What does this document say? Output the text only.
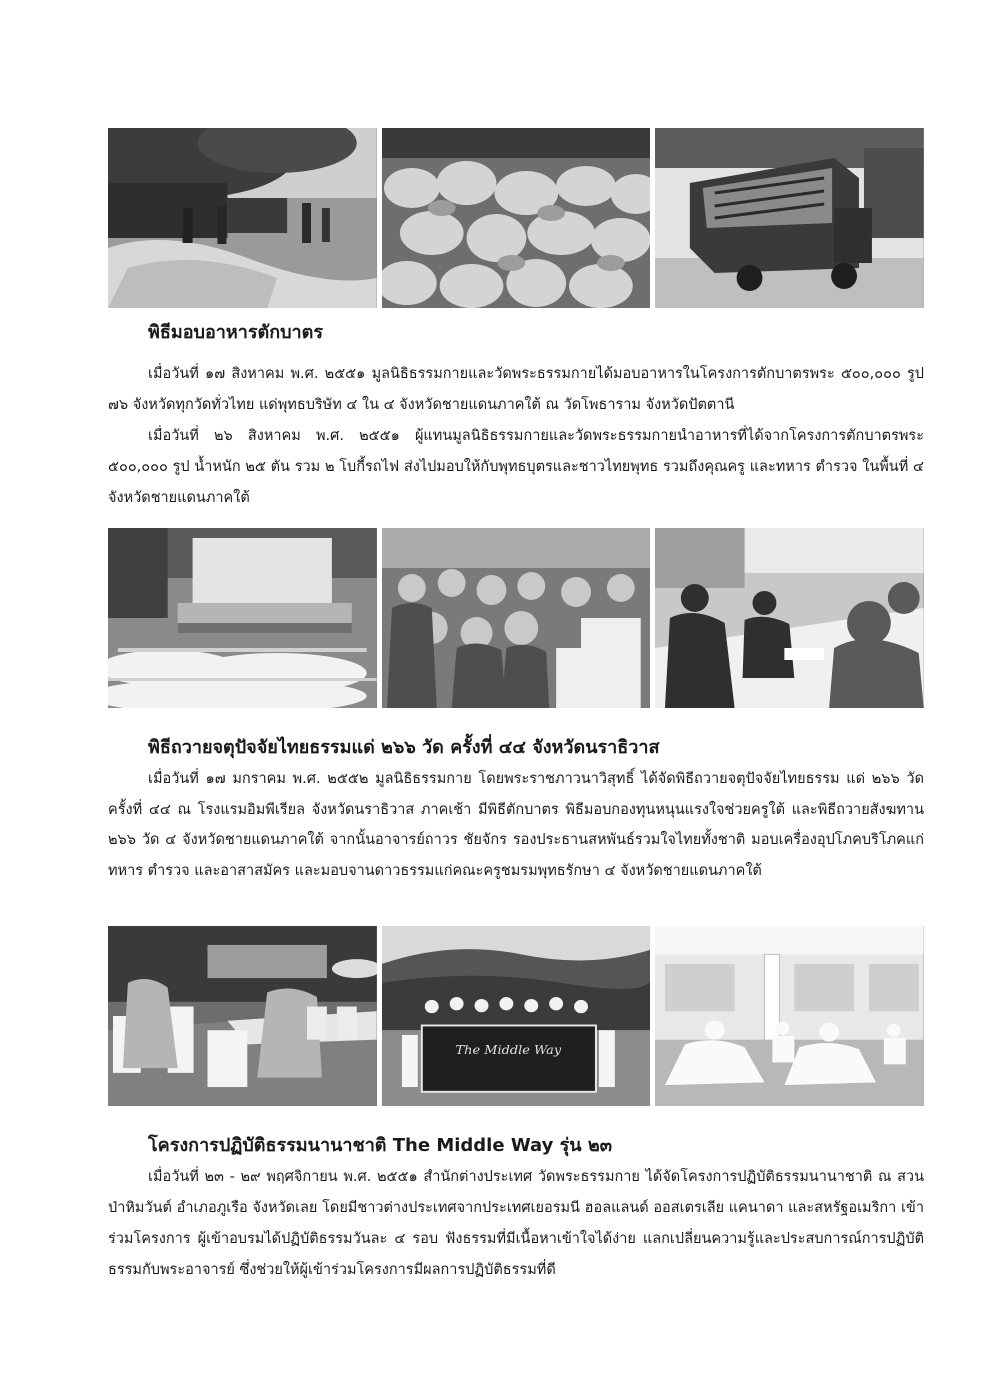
พิธีมอบอาหารตักบาตร

เมื่อวันที่ ๑๗ สิงหาคม พ.ศ. ๒๕๕๑ มูลนิธิธรรมกายและวัดพระธรรมกายได้มอบอาหารในโครงการตักบาตรพระ ๕๐๐,๐๐๐ รูป ๗๖ จังหวัดทุกวัดทั่วไทย แด่พุทธบริษัท ๔ ใน ๔ จังหวัดชายแดนภาคใต้ ณ วัดโพธาราม จังหวัดปัตตานี

เมื่อวันที่ ๒๖ สิงหาคม พ.ศ. ๒๕๕๑ ผู้แทนมูลนิธิธรรมกายและวัดพระธรรมกายนำอาหารที่ได้จากโครงการตักบาตรพระ ๕๐๐,๐๐๐ รูป น้ำหนัก ๒๕ ตัน รวม ๒ โบกี้รถไฟ ส่งไปมอบให้กับพุทธบุตรและชาวไทยพุทธ รวมถึงคุณครู และทหาร ตำรวจ ในพื้นที่ ๔ จังหวัดชายแดนภาคใต้

พิธีถวายจตุปัจจัยไทยธรรมแด่ ๒๖๖ วัด ครั้งที่ ๔๔ จังหวัดนราธิวาส

เมื่อวันที่ ๑๗ มกราคม พ.ศ. ๒๕๕๒ มูลนิธิธรรมกาย โดยพระราชภาวนาวิสุทธิ์ ได้จัดพิธีถวายจตุปัจจัยไทยธรรม แด่ ๒๖๖ วัด ครั้งที่ ๔๔ ณ โรงแรมอิมพีเรียล จังหวัดนราธิวาส ภาคเช้า มีพิธีตักบาตร พิธีมอบกองทุนหนุนแรงใจช่วยครูใต้ และพิธีถวายสังฆทาน ๒๖๖ วัด ๔ จังหวัดชายแดนภาคใต้ จากนั้นอาจารย์ถาวร ชัยจักร รองประธานสหพันธ์รวมใจไทยทั้งชาติ มอบเครื่องอุปโภคบริโภคแก่ทหาร ตำรวจ และอาสาสมัคร และมอบจานดาวธรรมแก่คณะครูชมรมพุทธรักษา ๔ จังหวัดชายแดนภาคใต้

The Middle Way
โครงการปฏิบัติธรรมนานาชาติ The Middle Way รุ่น ๒๓

เมื่อวันที่ ๒๓ - ๒๙ พฤศจิกายน พ.ศ. ๒๕๕๑ สำนักต่างประเทศ วัดพระธรรมกาย ได้จัดโครงการปฏิบัติธรรมนานาชาติ ณ สวนป่าหิมวันต์ อำเภอภูเรือ จังหวัดเลย โดยมีชาวต่างประเทศจากประเทศเยอรมนี ฮอลแลนด์ ออสเตรเลีย แคนาดา และสหรัฐอเมริกา เข้าร่วมโครงการ ผู้เข้าอบรมได้ปฏิบัติธรรมวันละ ๔ รอบ ฟังธรรมที่มีเนื้อหาเข้าใจได้ง่าย แลกเปลี่ยนความรู้และประสบการณ์การปฏิบัติธรรมกับพระอาจารย์ ซึ่งช่วยให้ผู้เข้าร่วมโครงการมีผลการปฏิบัติธรรมที่ดี
